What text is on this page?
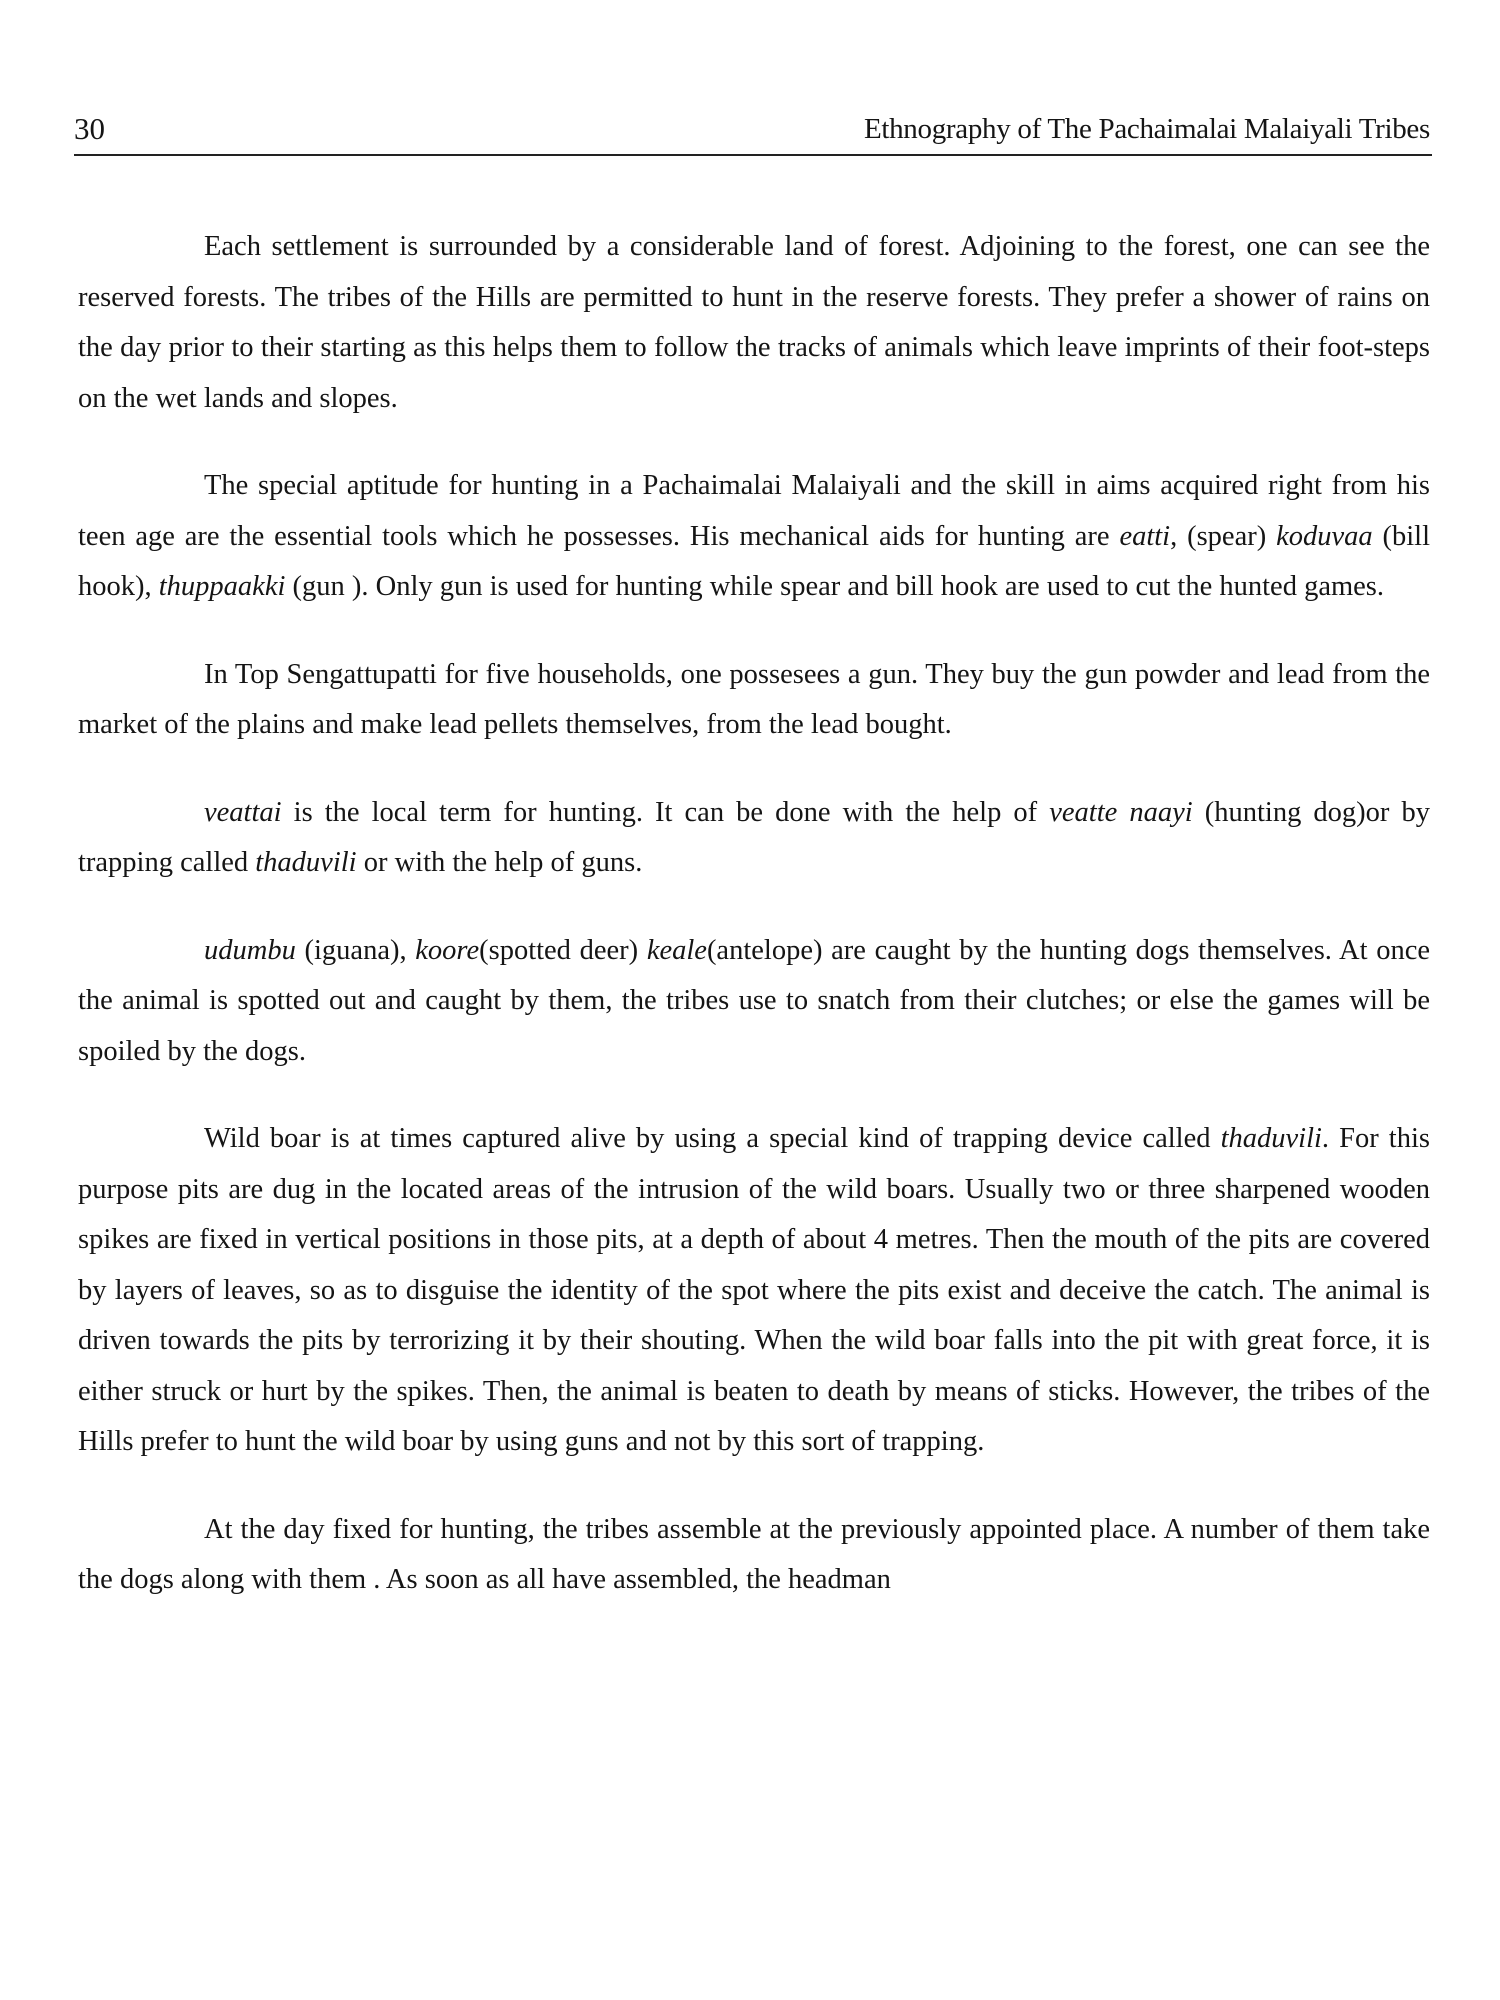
30	Ethnography of The Pachaimalai Malaiyali Tribes

Each settlement is surrounded by a considerable land of forest. Adjoining to the forest, one can see the reserved forests. The tribes of the Hills are permitted to hunt in the reserve forests. They prefer a shower of rains on the day prior to their starting as this helps them to follow the tracks of animals which leave imprints of their foot-steps on the wet lands and slopes.

The special aptitude for hunting in a Pachaimalai Malaiyali and the skill in aims acquired right from his teen age are the essential tools which he possesses. His mechanical aids for hunting are eatti, (spear) koduvaa (bill hook), thuppaakki (gun ). Only gun is used for hunting while spear and bill hook are used to cut the hunted games.

In Top Sengattupatti for five households, one possesees a gun. They buy the gun powder and lead from the market of the plains and make lead pellets themselves, from the lead bought.

veattai is the local term for hunting. It can be done with the help of veatte naayi (hunting dog)or by trapping called thaduvili or with the help of guns.

udumbu (iguana), koore(spotted deer) keale(antelope) are caught by the hunting dogs themselves. At once the animal is spotted out and caught by them, the tribes use to snatch from their clutches; or else the games will be spoiled by the dogs.

Wild boar is at times captured alive by using a special kind of trapping device called thaduvili. For this purpose pits are dug in the located areas of the intrusion of the wild boars. Usually two or three sharpened wooden spikes are fixed in vertical positions in those pits, at a depth of about 4 metres. Then the mouth of the pits are covered by layers of leaves, so as to disguise the identity of the spot where the pits exist and deceive the catch. The animal is driven towards the pits by terrorizing it by their shouting. When the wild boar falls into the pit with great force, it is either struck or hurt by the spikes. Then, the animal is beaten to death by means of sticks. However, the tribes of the Hills prefer to hunt the wild boar by using guns and not by this sort of trapping.

At the day fixed for hunting, the tribes assemble at the previously appointed place. A number of them take the dogs along with them . As soon as all have assembled, the headman
